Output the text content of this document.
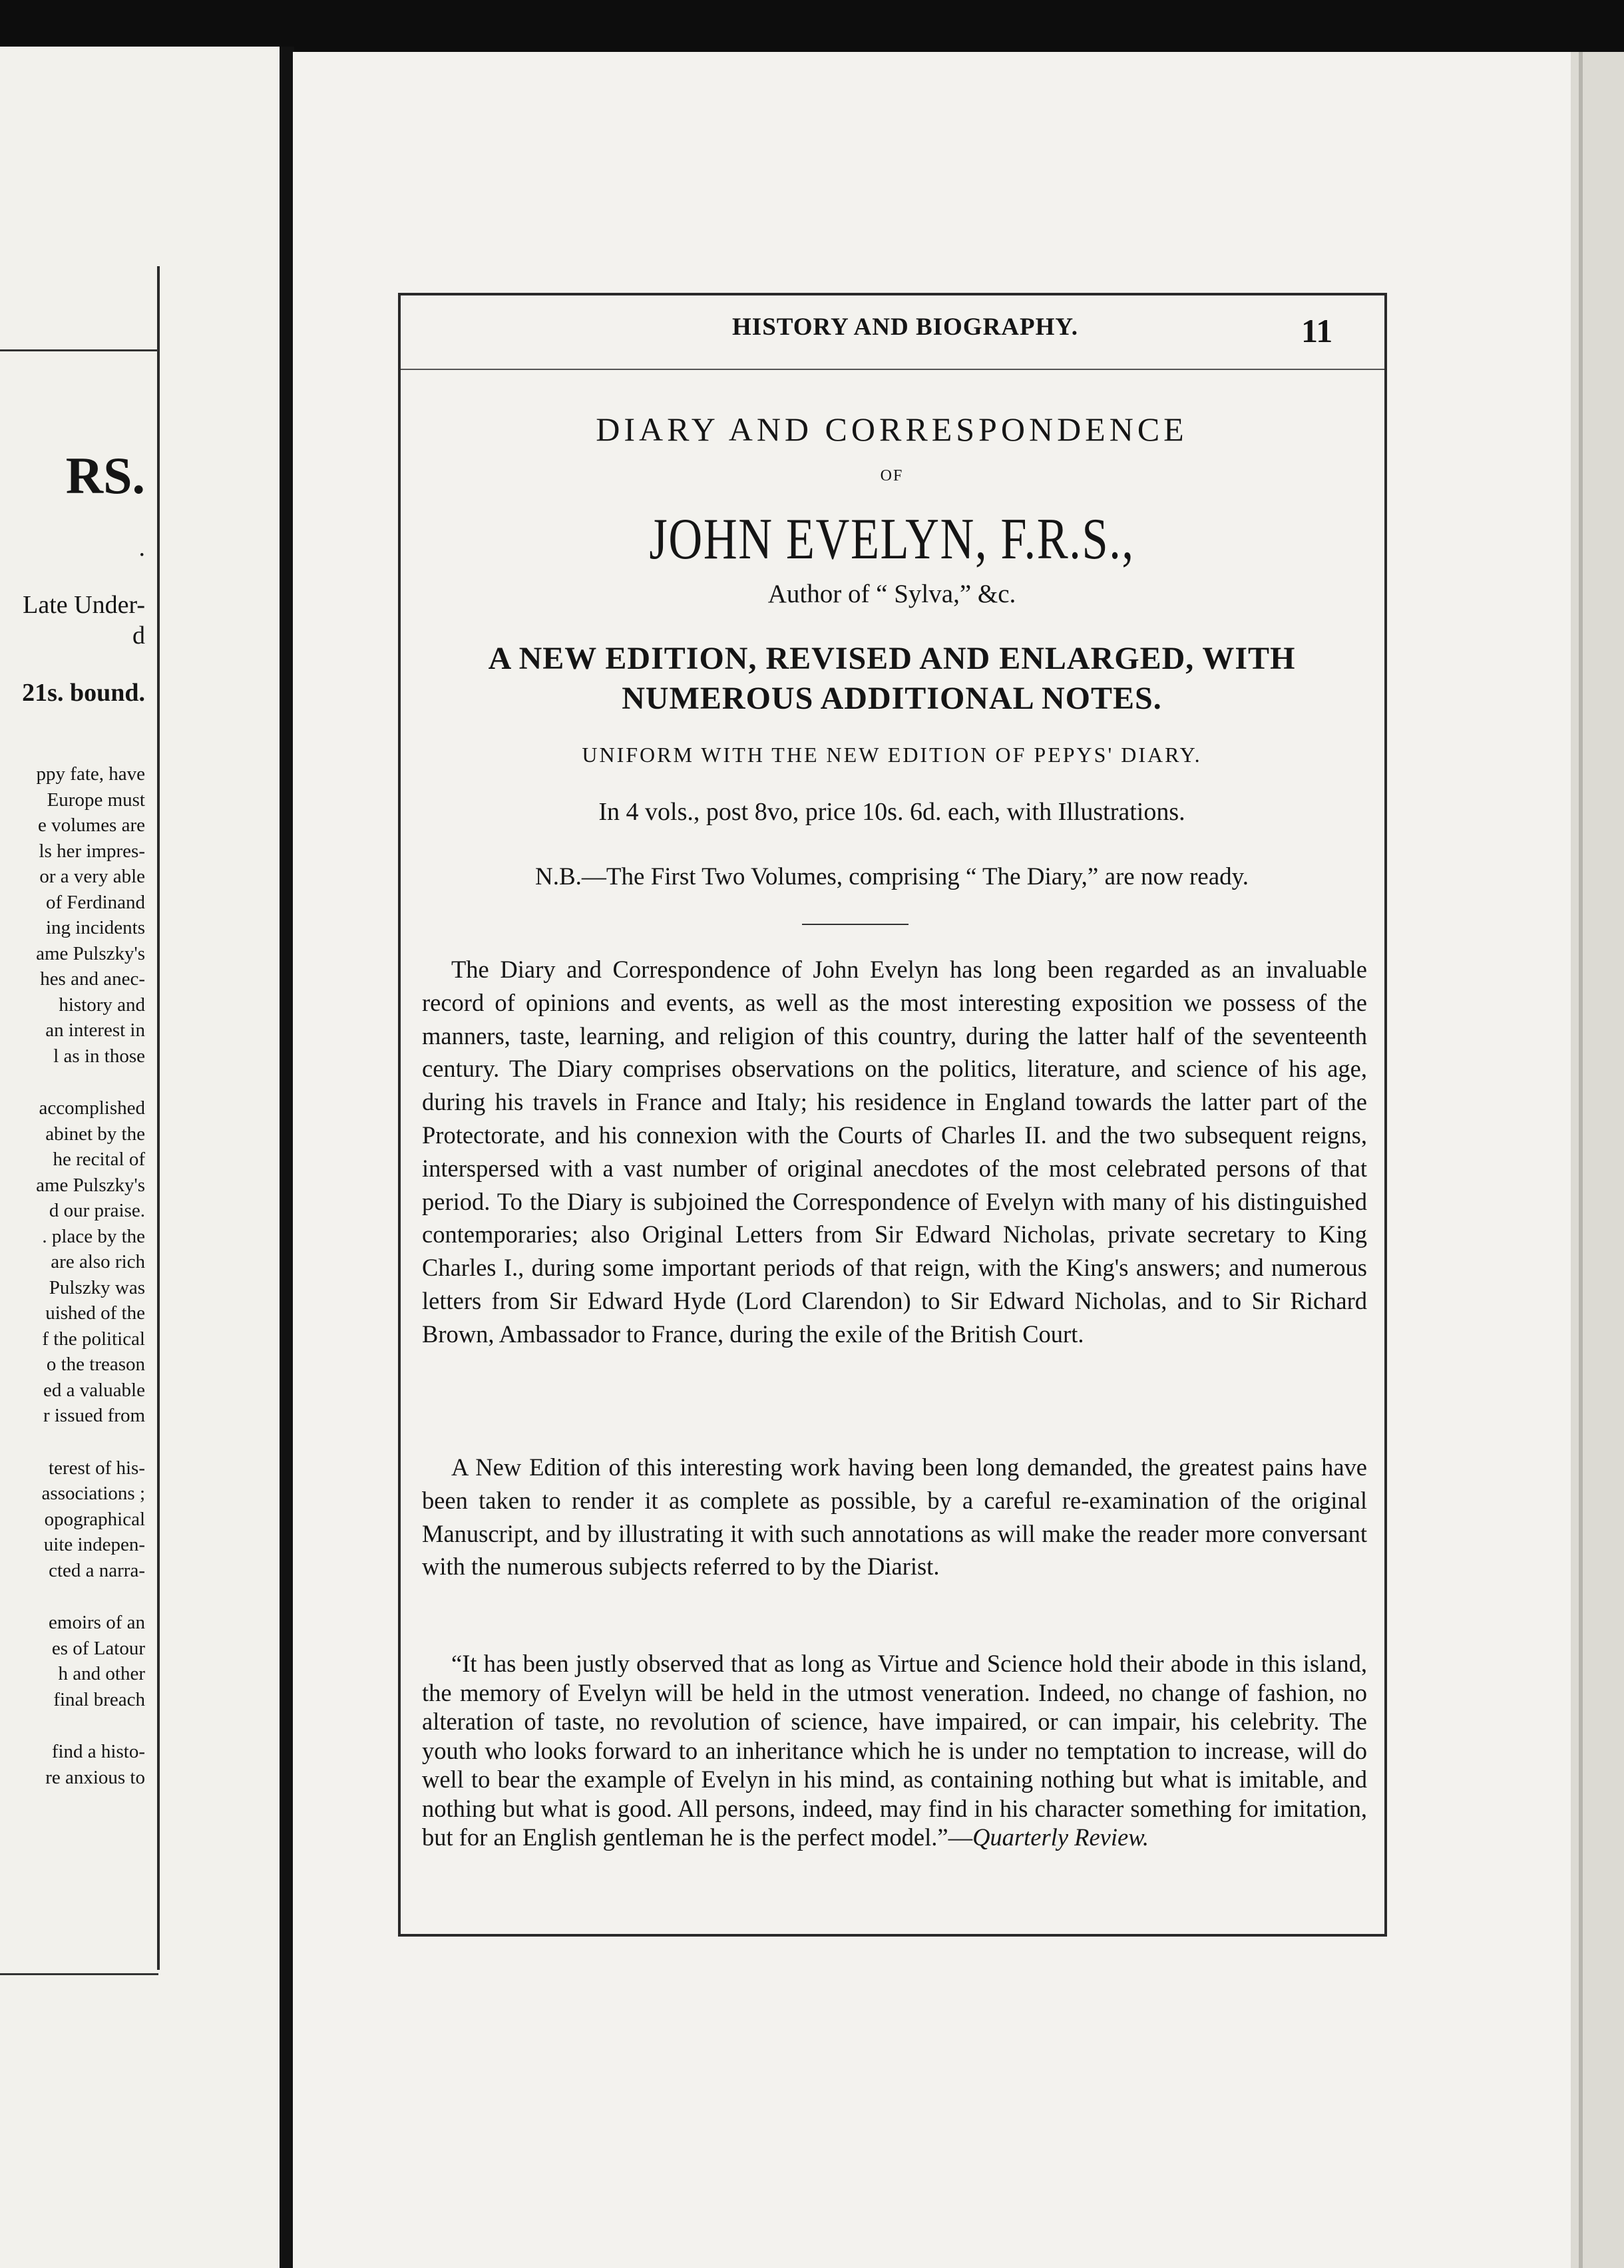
RS.
.
Late Under-
d
21s. bound.
ppy fate, have
Europe must
e volumes are
ls her impres-
or a very able
of Ferdinand
ing incidents
ame Pulszky's
hes and anec-
history and
an interest in
l as in those
accomplished
abinet by the
he recital of
ame Pulszky's
d our praise.
. place by the
are also rich
Pulszky was
uished of the
f the political
o the treason
ed a valuable
r issued from
terest of his-
associations ;
opographical
uite indepen-
cted a narra-
emoirs of an
es of Latour
h and other
final breach
find a histo-
re anxious to
HISTORY AND BIOGRAPHY.	11
DIARY AND CORRESPONDENCE
OF
JOHN EVELYN, F.R.S.,
Author of “ Sylva,” &c.
A NEW EDITION, REVISED AND ENLARGED, WITH
NUMEROUS ADDITIONAL NOTES.
UNIFORM WITH THE NEW EDITION OF PEPYS' DIARY.
In 4 vols., post 8vo, price 10s. 6d. each, with Illustrations.
N.B.—The First Two Volumes, comprising “ The Diary,” are now ready.
The Diary and Correspondence of John Evelyn has long been regarded as an invaluable record of opinions and events, as well as the most interesting exposition we possess of the manners, taste, learning, and religion of this country, during the latter half of the seventeenth century. The Diary comprises observations on the politics, literature, and science of his age, during his travels in France and Italy; his residence in England towards the latter part of the Protectorate, and his connexion with the Courts of Charles II. and the two subsequent reigns, interspersed with a vast number of original anecdotes of the most celebrated persons of that period. To the Diary is subjoined the Correspondence of Evelyn with many of his distinguished contemporaries; also Original Letters from Sir Edward Nicholas, private secretary to King Charles I., during some important periods of that reign, with the King's answers; and numerous letters from Sir Edward Hyde (Lord Clarendon) to Sir Edward Nicholas, and to Sir Richard Brown, Ambassador to France, during the exile of the British Court.
A New Edition of this interesting work having been long demanded, the greatest pains have been taken to render it as complete as possible, by a careful re-examination of the original Manuscript, and by illustrating it with such annotations as will make the reader more conversant with the numerous subjects referred to by the Diarist.
“It has been justly observed that as long as Virtue and Science hold their abode in this island, the memory of Evelyn will be held in the utmost veneration. Indeed, no change of fashion, no alteration of taste, no revolution of science, have impaired, or can impair, his celebrity. The youth who looks forward to an inheritance which he is under no temptation to increase, will do well to bear the example of Evelyn in his mind, as containing nothing but what is imitable, and nothing but what is good. All persons, indeed, may find in his character something for imitation, but for an English gentleman he is the perfect model.”—Quarterly Review.
